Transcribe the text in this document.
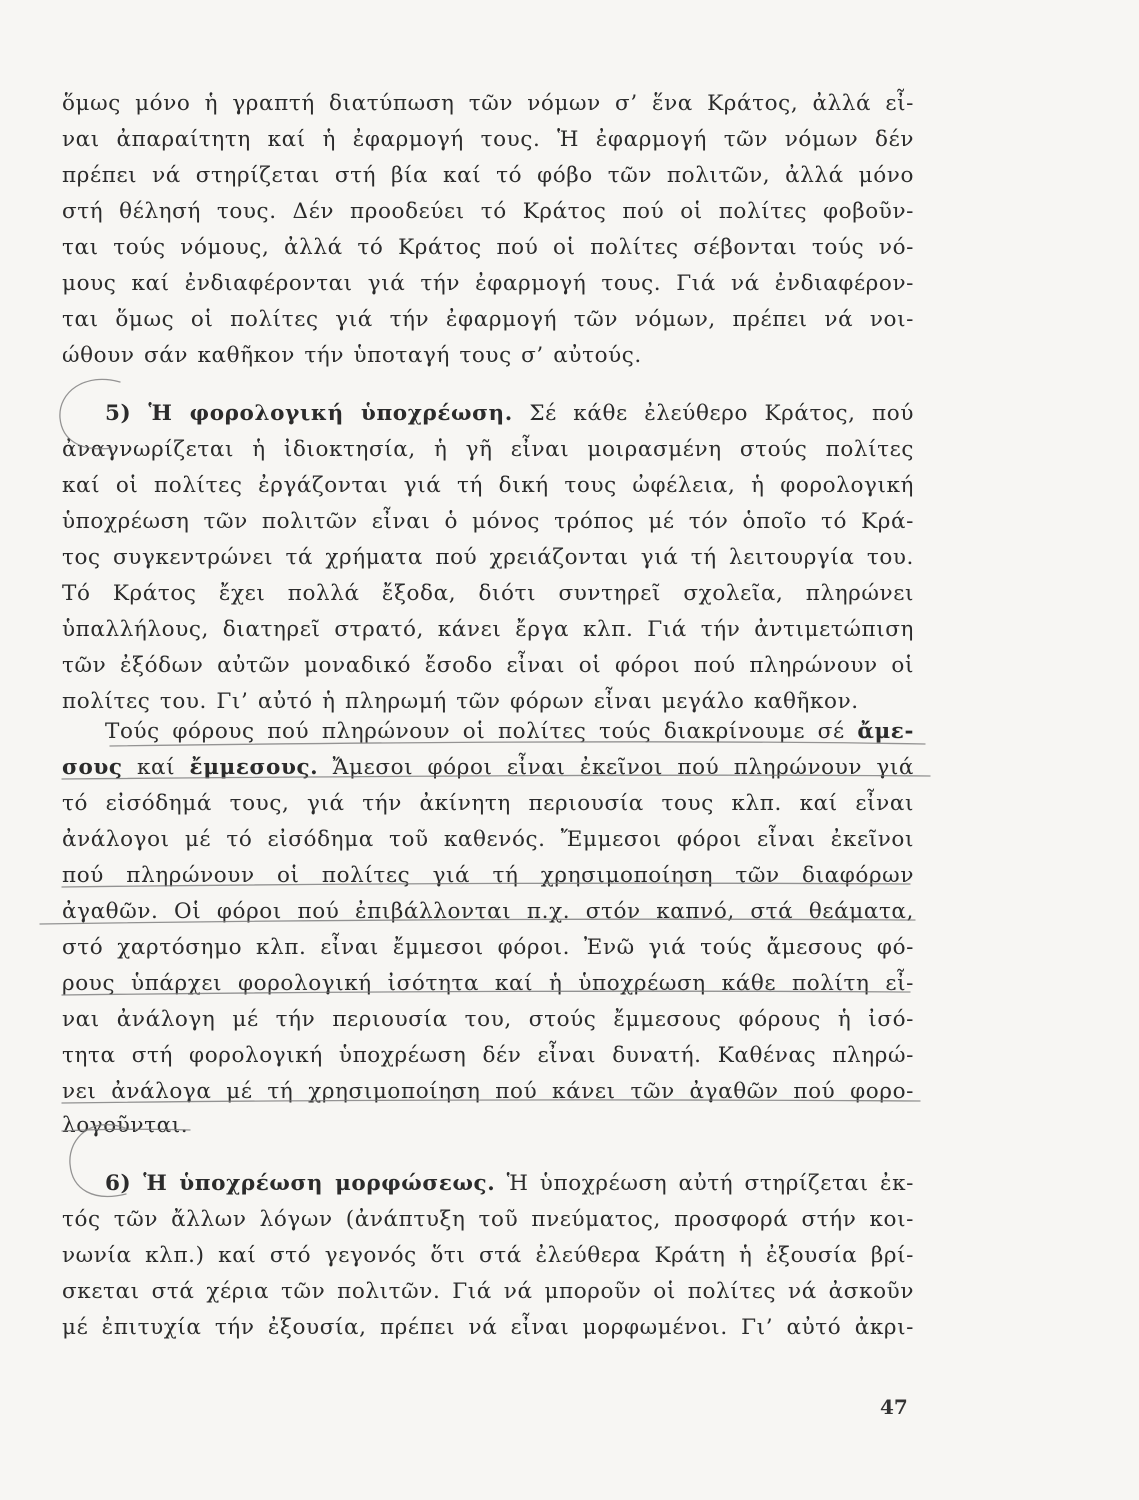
ὅμως μόνο ἡ γραπτή διατύπωση τῶν νόμων σ’ ἕνα Κράτος, ἀλλά εἶ-
ναι ἀπαραίτητη καί ἡ ἐφαρμογή τους. Ἡ ἐφαρμογή τῶν νόμων δέν
πρέπει νά στηρίζεται στή βία καί τό φόβο τῶν πολιτῶν, ἀλλά μόνο
στή θέλησή τους. Δέν προοδεύει τό Κράτος πού οἱ πολίτες φοβοῦν-
ται τούς νόμους, ἀλλά τό Κράτος πού οἱ πολίτες σέβονται τούς νό-
μους καί ἐνδιαφέρονται γιά τήν ἐφαρμογή τους. Γιά νά ἐνδιαφέρον-
ται ὅμως οἱ πολίτες γιά τήν ἐφαρμογή τῶν νόμων, πρέπει νά νοι-
ώθουν σάν καθῆκον τήν ὑποταγή τους σ’ αὐτούς.
5) Ἡ φορολογική ὑποχρέωση. Σέ κάθε ἐλεύθερο Κράτος, πού
ἀναγνωρίζεται ἡ ἰδιοκτησία, ἡ γῆ εἶναι μοιρασμένη στούς πολίτες
καί οἱ πολίτες ἐργάζονται γιά τή δική τους ὠφέλεια, ἡ φορολογική
ὑποχρέωση τῶν πολιτῶν εἶναι ὁ μόνος τρόπος μέ τόν ὁποῖο τό Κρά-
τος συγκεντρώνει τά χρήματα πού χρειάζονται γιά τή λειτουργία του.
Τό Κράτος ἔχει πολλά ἔξοδα, διότι συντηρεῖ σχολεῖα, πληρώνει
ὑπαλλήλους, διατηρεῖ στρατό, κάνει ἔργα κλπ. Γιά τήν ἀντιμετώπιση
τῶν ἐξόδων αὐτῶν μοναδικό ἔσοδο εἶναι οἱ φόροι πού πληρώνουν οἱ
πολίτες του. Γι’ αὐτό ἡ πληρωμή τῶν φόρων εἶναι μεγάλο καθῆκον.
Τούς φόρους πού πληρώνουν οἱ πολίτες τούς διακρίνουμε σέ ἄμε-
σους καί ἔμμεσους. Ἄμεσοι φόροι εἶναι ἐκεῖνοι πού πληρώνουν γιά
τό εἰσόδημά τους, γιά τήν ἀκίνητη περιουσία τους κλπ. καί εἶναι
ἀνάλογοι μέ τό εἰσόδημα τοῦ καθενός. Ἔμμεσοι φόροι εἶναι ἐκεῖνοι
πού πληρώνουν οἱ πολίτες γιά τή χρησιμοποίηση τῶν διαφόρων
ἀγαθῶν. Οἱ φόροι πού ἐπιβάλλονται π.χ. στόν καπνό, στά θεάματα,
στό χαρτόσημο κλπ. εἶναι ἔμμεσοι φόροι. Ἐνῶ γιά τούς ἄμεσους φό-
ρους ὑπάρχει φορολογική ἰσότητα καί ἡ ὑποχρέωση κάθε πολίτη εἶ-
ναι ἀνάλογη μέ τήν περιουσία του, στούς ἔμμεσους φόρους ἡ ἰσό-
τητα στή φορολογική ὑποχρέωση δέν εἶναι δυνατή. Καθένας πληρώ-
νει ἀνάλογα μέ τή χρησιμοποίηση πού κάνει τῶν ἀγαθῶν πού φορο-
λογοῦνται.
6) Ἡ ὑποχρέωση μορφώσεως. Ἡ ὑποχρέωση αὐτή στηρίζεται ἐκ-
τός τῶν ἄλλων λόγων (ἀνάπτυξη τοῦ πνεύματος, προσφορά στήν κοι-
νωνία κλπ.) καί στό γεγονός ὅτι στά ἐλεύθερα Κράτη ἡ ἐξουσία βρί-
σκεται στά χέρια τῶν πολιτῶν. Γιά νά μποροῦν οἱ πολίτες νά ἀσκοῦν
μέ ἐπιτυχία τήν ἐξουσία, πρέπει νά εἶναι μορφωμένοι. Γι’ αὐτό ἀκρι-
47
